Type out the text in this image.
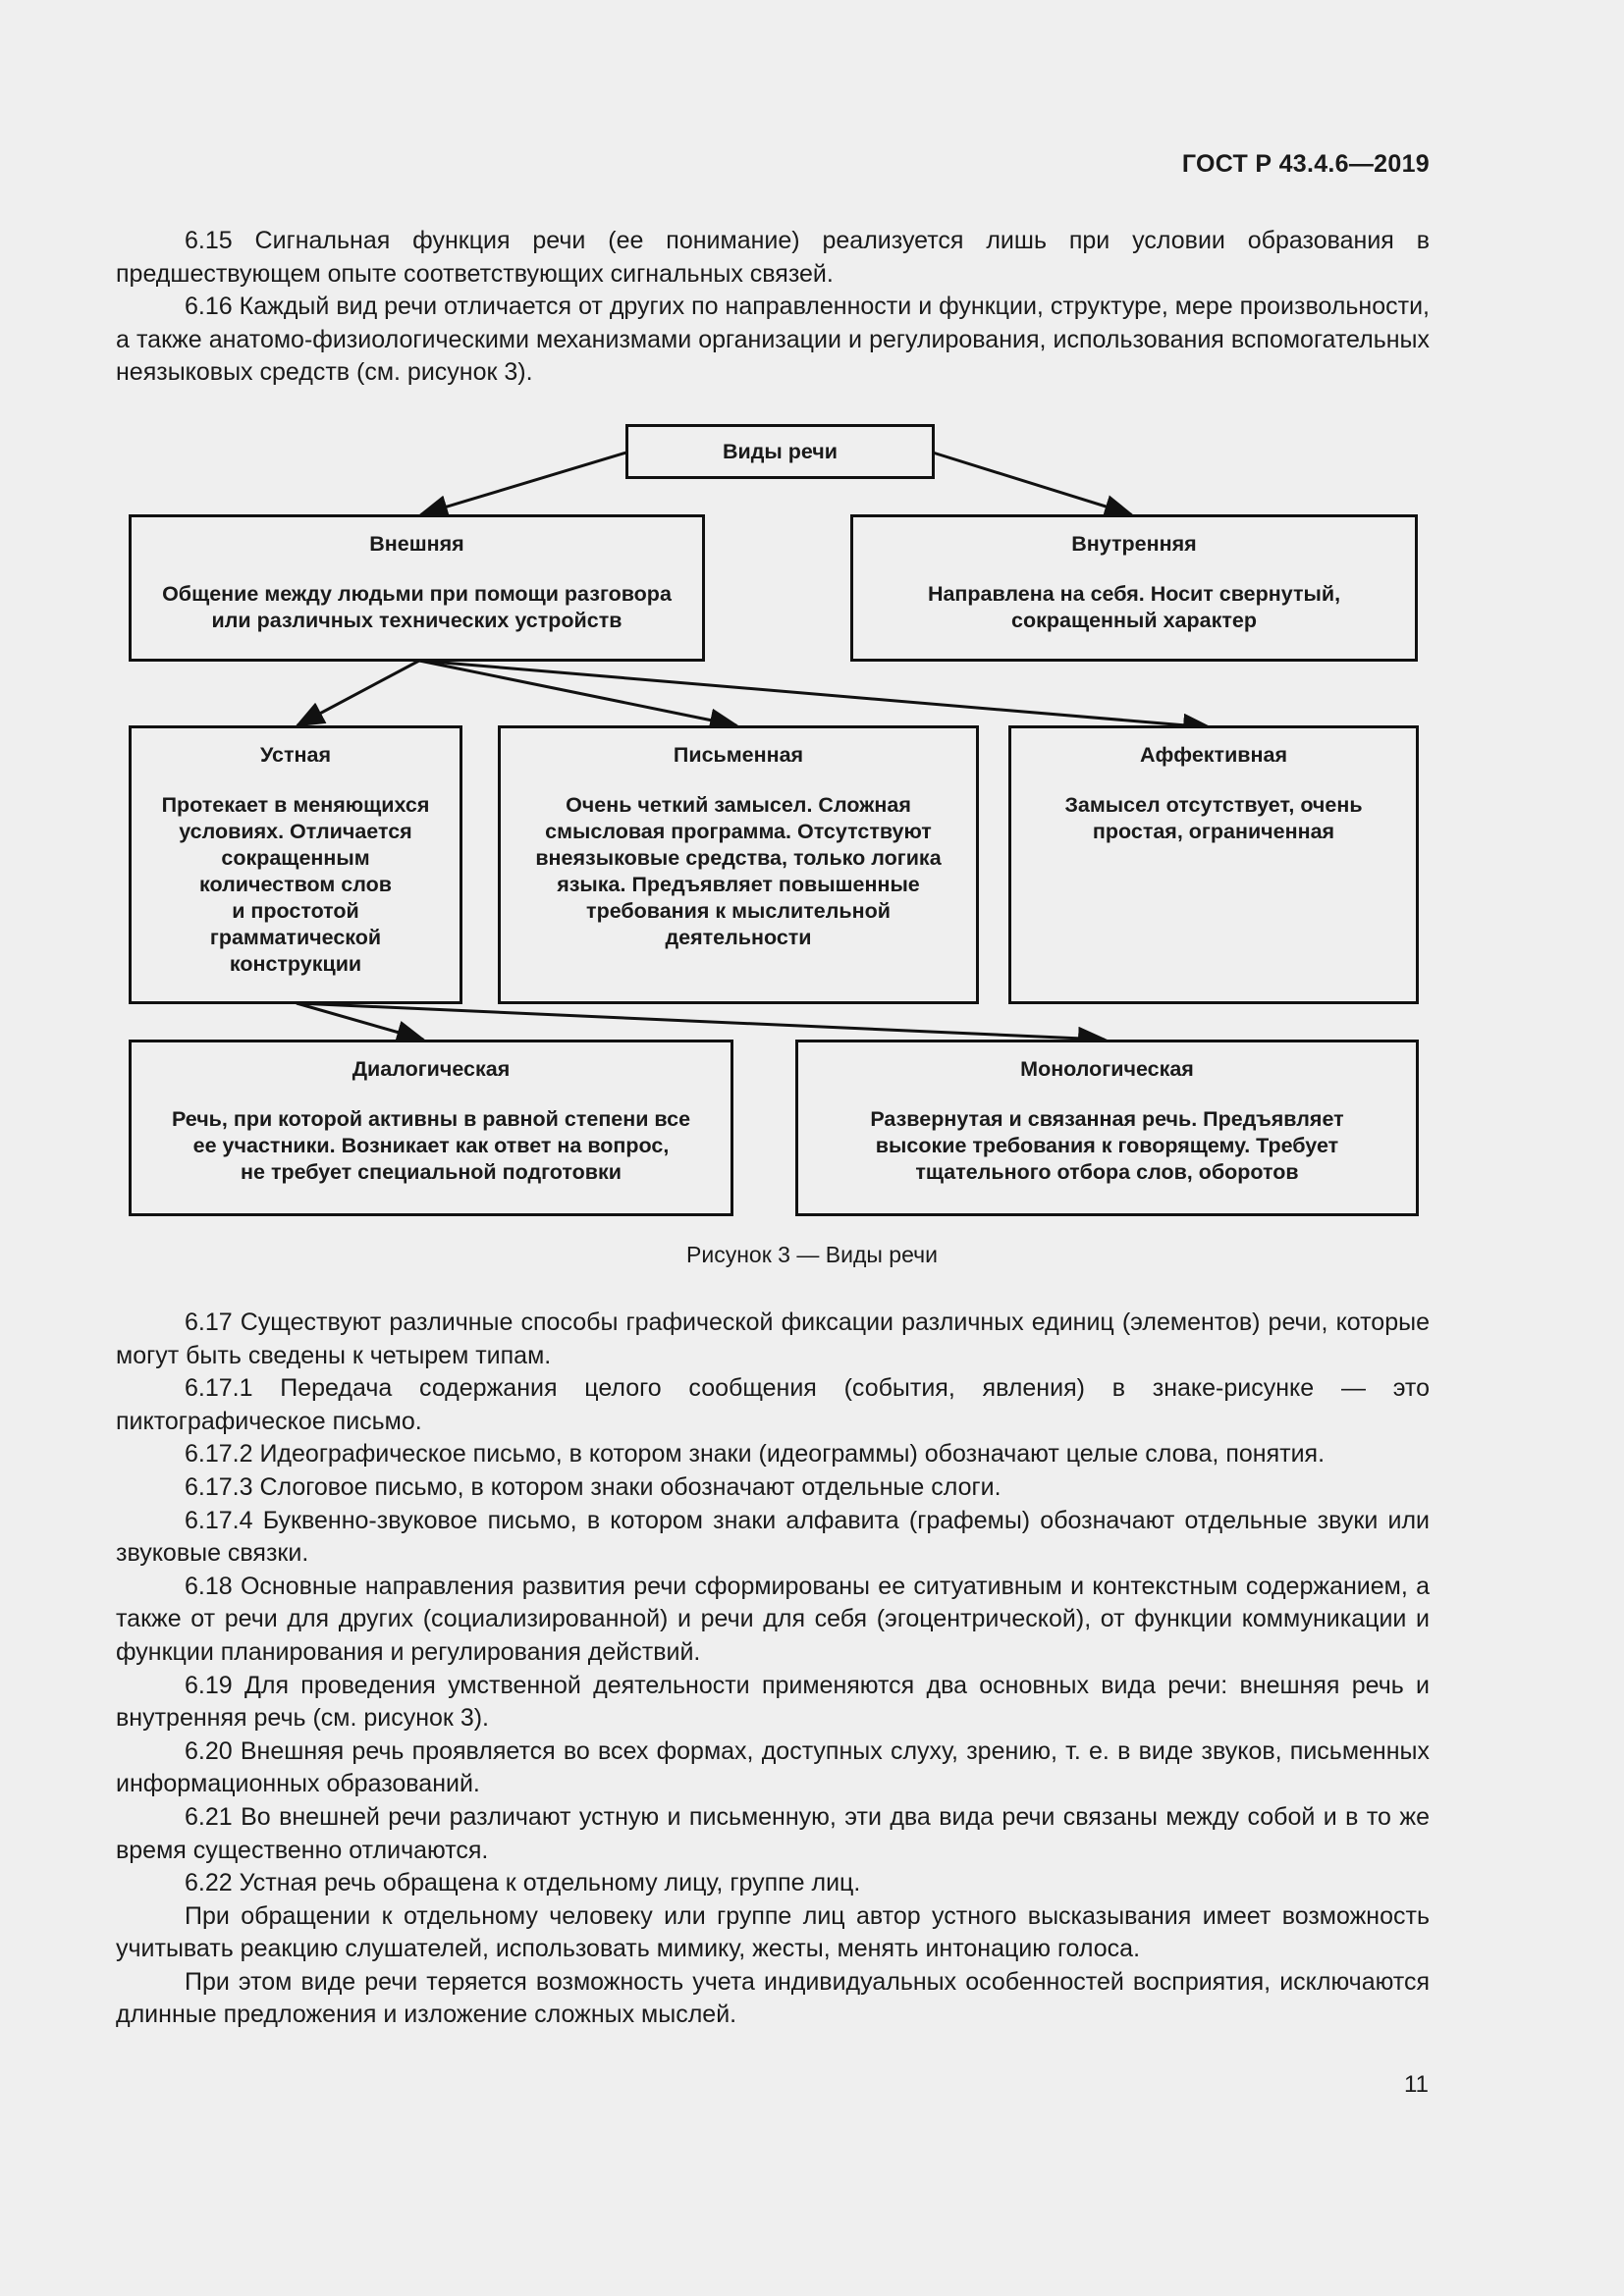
ГОСТ Р 43.4.6—2019

6.15 Сигнальная функция речи (ее понимание) реализуется лишь при условии образования в предшествующем опыте соответствующих сигнальных связей.

6.16 Каждый вид речи отличается от других по направленности и функции, структуре, мере произвольности, а также анатомо-физиологическими механизмами организации и регулирования, использования вспомогательных неязыковых средств (см. рисунок 3).

Виды речи
Внешняя
Общение между людьми при помощи разговора
или различных технических устройств
Внутренняя
Направлена на себя. Носит свернутый,
сокращенный характер
Устная
Протекает в меняющихся
условиях. Отличается
сокращенным
количеством слов
и простотой
грамматической
конструкции
Письменная
Очень четкий замысел. Сложная
смысловая программа. Отсутствуют
внеязыковые средства, только логика
языка. Предъявляет повышенные
требования к мыслительной
деятельности
Аффективная
Замысел отсутствует, очень
простая, ограниченная
Диалогическая
Речь, при которой активны в равной степени все
ее участники. Возникает как ответ на вопрос,
не требует специальной подготовки
Монологическая
Развернутая и связанная речь. Предъявляет
высокие требования к говорящему. Требует
тщательного отбора слов, оборотов
Рисунок 3 — Виды речи

6.17 Существуют различные способы графической фиксации различных единиц (элементов) речи, которые могут быть сведены к четырем типам.

6.17.1 Передача содержания целого сообщения (события, явления) в знаке-рисунке — это пиктографическое письмо.

6.17.2 Идеографическое письмо, в котором знаки (идеограммы) обозначают целые слова, понятия.

6.17.3 Слоговое письмо, в котором знаки обозначают отдельные слоги.

6.17.4 Буквенно-звуковое письмо, в котором знаки алфавита (графемы) обозначают отдельные звуки или звуковые связки.

6.18 Основные направления развития речи сформированы ее ситуативным и контекстным содержанием, а также от речи для других (социализированной) и речи для себя (эгоцентрической), от функции коммуникации и функции планирования и регулирования действий.

6.19 Для проведения умственной деятельности применяются два основных вида речи: внешняя речь и внутренняя речь (см. рисунок 3).

6.20 Внешняя речь проявляется во всех формах, доступных слуху, зрению, т. е. в виде звуков, письменных информационных образований.

6.21 Во внешней речи различают устную и письменную, эти два вида речи связаны между собой и в то же время существенно отличаются.

6.22 Устная речь обращена к отдельному лицу, группе лиц.

При обращении к отдельному человеку или группе лиц автор устного высказывания имеет возможность учитывать реакцию слушателей, использовать мимику, жесты, менять интонацию голоса.

При этом виде речи теряется возможность учета индивидуальных особенностей восприятия, исключаются длинные предложения и изложение сложных мыслей.

11
